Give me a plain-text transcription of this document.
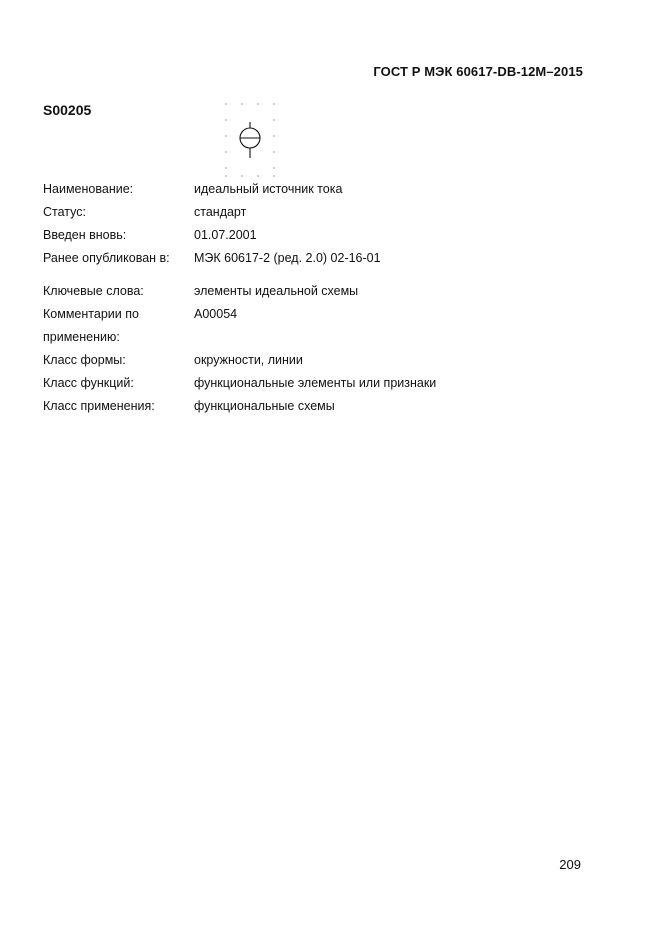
ГОСТ Р МЭК 60617-DB-12M–2015
S00205
Наименование:	идеальный источник тока
Статус:	стандарт
Введен вновь:	01.07.2001
Ранее опубликован в:	МЭК 60617-2 (ред. 2.0) 02-16-01
Ключевые слова:	элементы идеальной схемы
Комментарии по	A00054
применению:
Класс формы:	окружности, линии
Класс функций:	функциональные элементы или признаки
Класс применения:	функциональные схемы
209
